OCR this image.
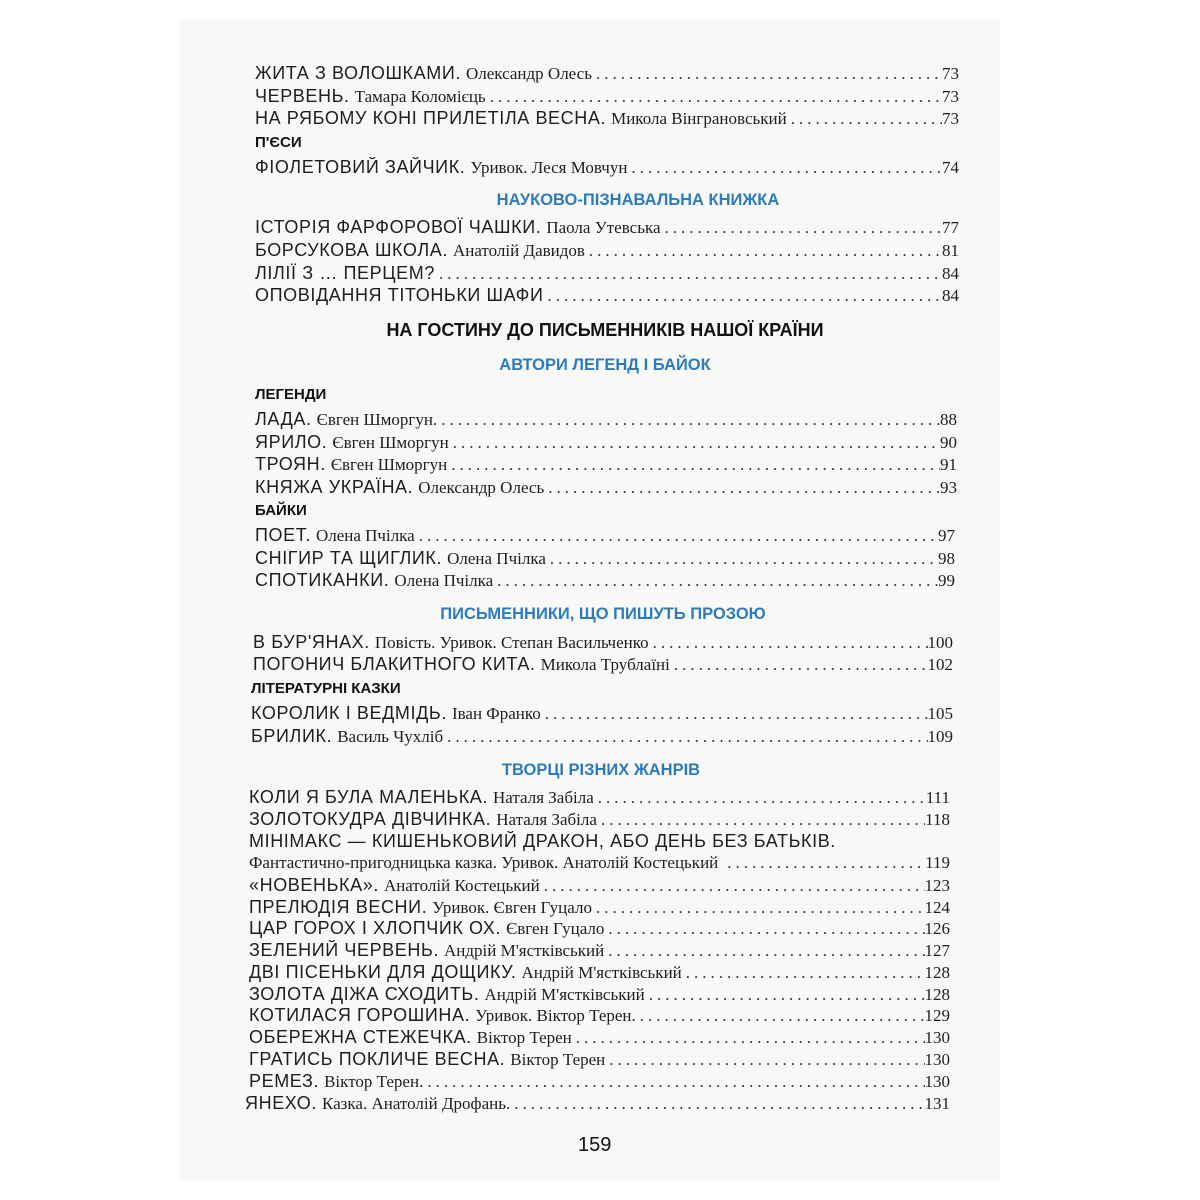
ЖИТА З ВОЛОШКАМИ. Олександр Олесь .....	73
ЧЕРВЕНЬ. Тамара Коломієць .....	73
НА РЯБОМУ КОНІ ПРИЛЕТІЛА ВЕСНА. Микола Вінграновський .....	73
П'ЄСИ
ФІОЛЕТОВИЙ ЗАЙЧИК. Уривок. Леся Мовчун .....	74
НАУКОВО-ПІЗНАВАЛЬНА КНИЖКА
ІСТОРІЯ ФАРФОРОВОЇ ЧАШКИ. Паола Утевська .....	77
БОРСУКОВА ШКОЛА. Анатолій Давидов .....	81
ЛІЛІЇ З … ПЕРЦЕМ? .....	84
ОПОВІДАННЯ ТІТОНЬКИ ШАФИ .....	84
НА ГОСТИНУ ДО ПИСЬМЕННИКІВ НАШОЇ КРАЇНИ
АВТОРИ ЛЕГЕНД І БАЙОК
ЛЕГЕНДИ
ЛАДА. Євген Шморгун. .....	88
ЯРИЛО. Євген Шморгун .....	90
ТРОЯН. Євген Шморгун .....	91
КНЯЖА УКРАЇНА. Олександр Олесь .....	93
БАЙКИ
ПОЕТ. Олена Пчілка .....	97
СНІГИР ТА ЩИГЛИК. Олена Пчілка .....	98
СПОТИКАНКИ. Олена Пчілка .....	99
ПИСЬМЕННИКИ, ЩО ПИШУТЬ ПРОЗОЮ
В БУР'ЯНАХ. Повість. Уривок. Степан Васильченко .....	100
ПОГОНИЧ БЛАКИТНОГО КИТА. Микола Трублаїні .....	102
ЛІТЕРАТУРНІ КАЗКИ
КОРОЛИК І ВЕДМІДЬ. Іван Франко .....	105
БРИЛИК. Василь Чухліб .....	109
ТВОРЦІ РІЗНИХ ЖАНРІВ
КОЛИ Я БУЛА МАЛЕНЬКА. Наталя Забіла .....	111
ЗОЛОТОКУДРА ДІВЧИНКА. Наталя Забіла .....	118
МІНІМАКС — КИШЕНЬКОВИЙ ДРАКОН, АБО ДЕНЬ БЕЗ БАТЬКІВ.
Фантастично-пригодницька казка. Уривок. Анатолій Костецький .....	119
«НОВЕНЬКА». Анатолій Костецький .....	123
ПРЕЛЮДІЯ ВЕСНИ. Уривок. Євген Гуцало .....	124
ЦАР ГОРОХ І ХЛОПЧИК ОХ. Євген Гуцало .....	126
ЗЕЛЕНИЙ ЧЕРВЕНЬ. Андрій М'ястківський .....	127
ДВІ ПІСЕНЬКИ ДЛЯ ДОЩИКУ. Андрій М'ястківський .....	128
ЗОЛОТА ДІЖА СХОДИТЬ. Андрій М'ястківський .....	128
КОТИЛАСЯ ГОРОШИНА. Уривок. Віктор Терен. .....	129
ОБЕРЕЖНА СТЕЖЕЧКА. Віктор Терен .....	130
ГРАТИСЬ ПОКЛИЧЕ ВЕСНА. Віктор Терен .....	130
РЕМЕЗ. Віктор Терен. .....	130
ЯНЕХО. Казка. Анатолій Дрофань. .....	131
159
